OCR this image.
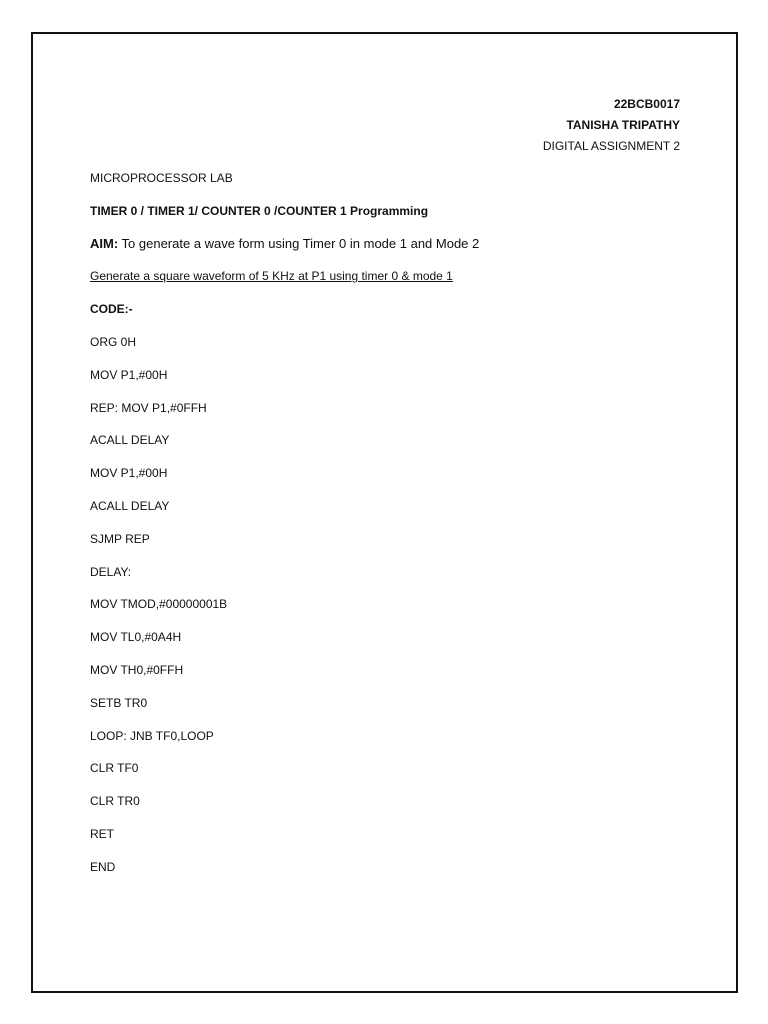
22BCB0017
TANISHA TRIPATHY
DIGITAL ASSIGNMENT 2
MICROPROCESSOR LAB
TIMER 0 / TIMER 1/ COUNTER 0 /COUNTER 1 Programming
AIM: To generate a wave form using Timer 0 in mode 1 and Mode 2
Generate a square waveform of 5 KHz at P1 using timer 0 & mode 1
CODE:-
ORG 0H
MOV P1,#00H
REP: MOV P1,#0FFH
ACALL DELAY
MOV P1,#00H
ACALL DELAY
SJMP REP
DELAY:
MOV TMOD,#00000001B
MOV TL0,#0A4H
MOV TH0,#0FFH
SETB TR0
LOOP: JNB TF0,LOOP
CLR TF0
CLR TR0
RET
END
